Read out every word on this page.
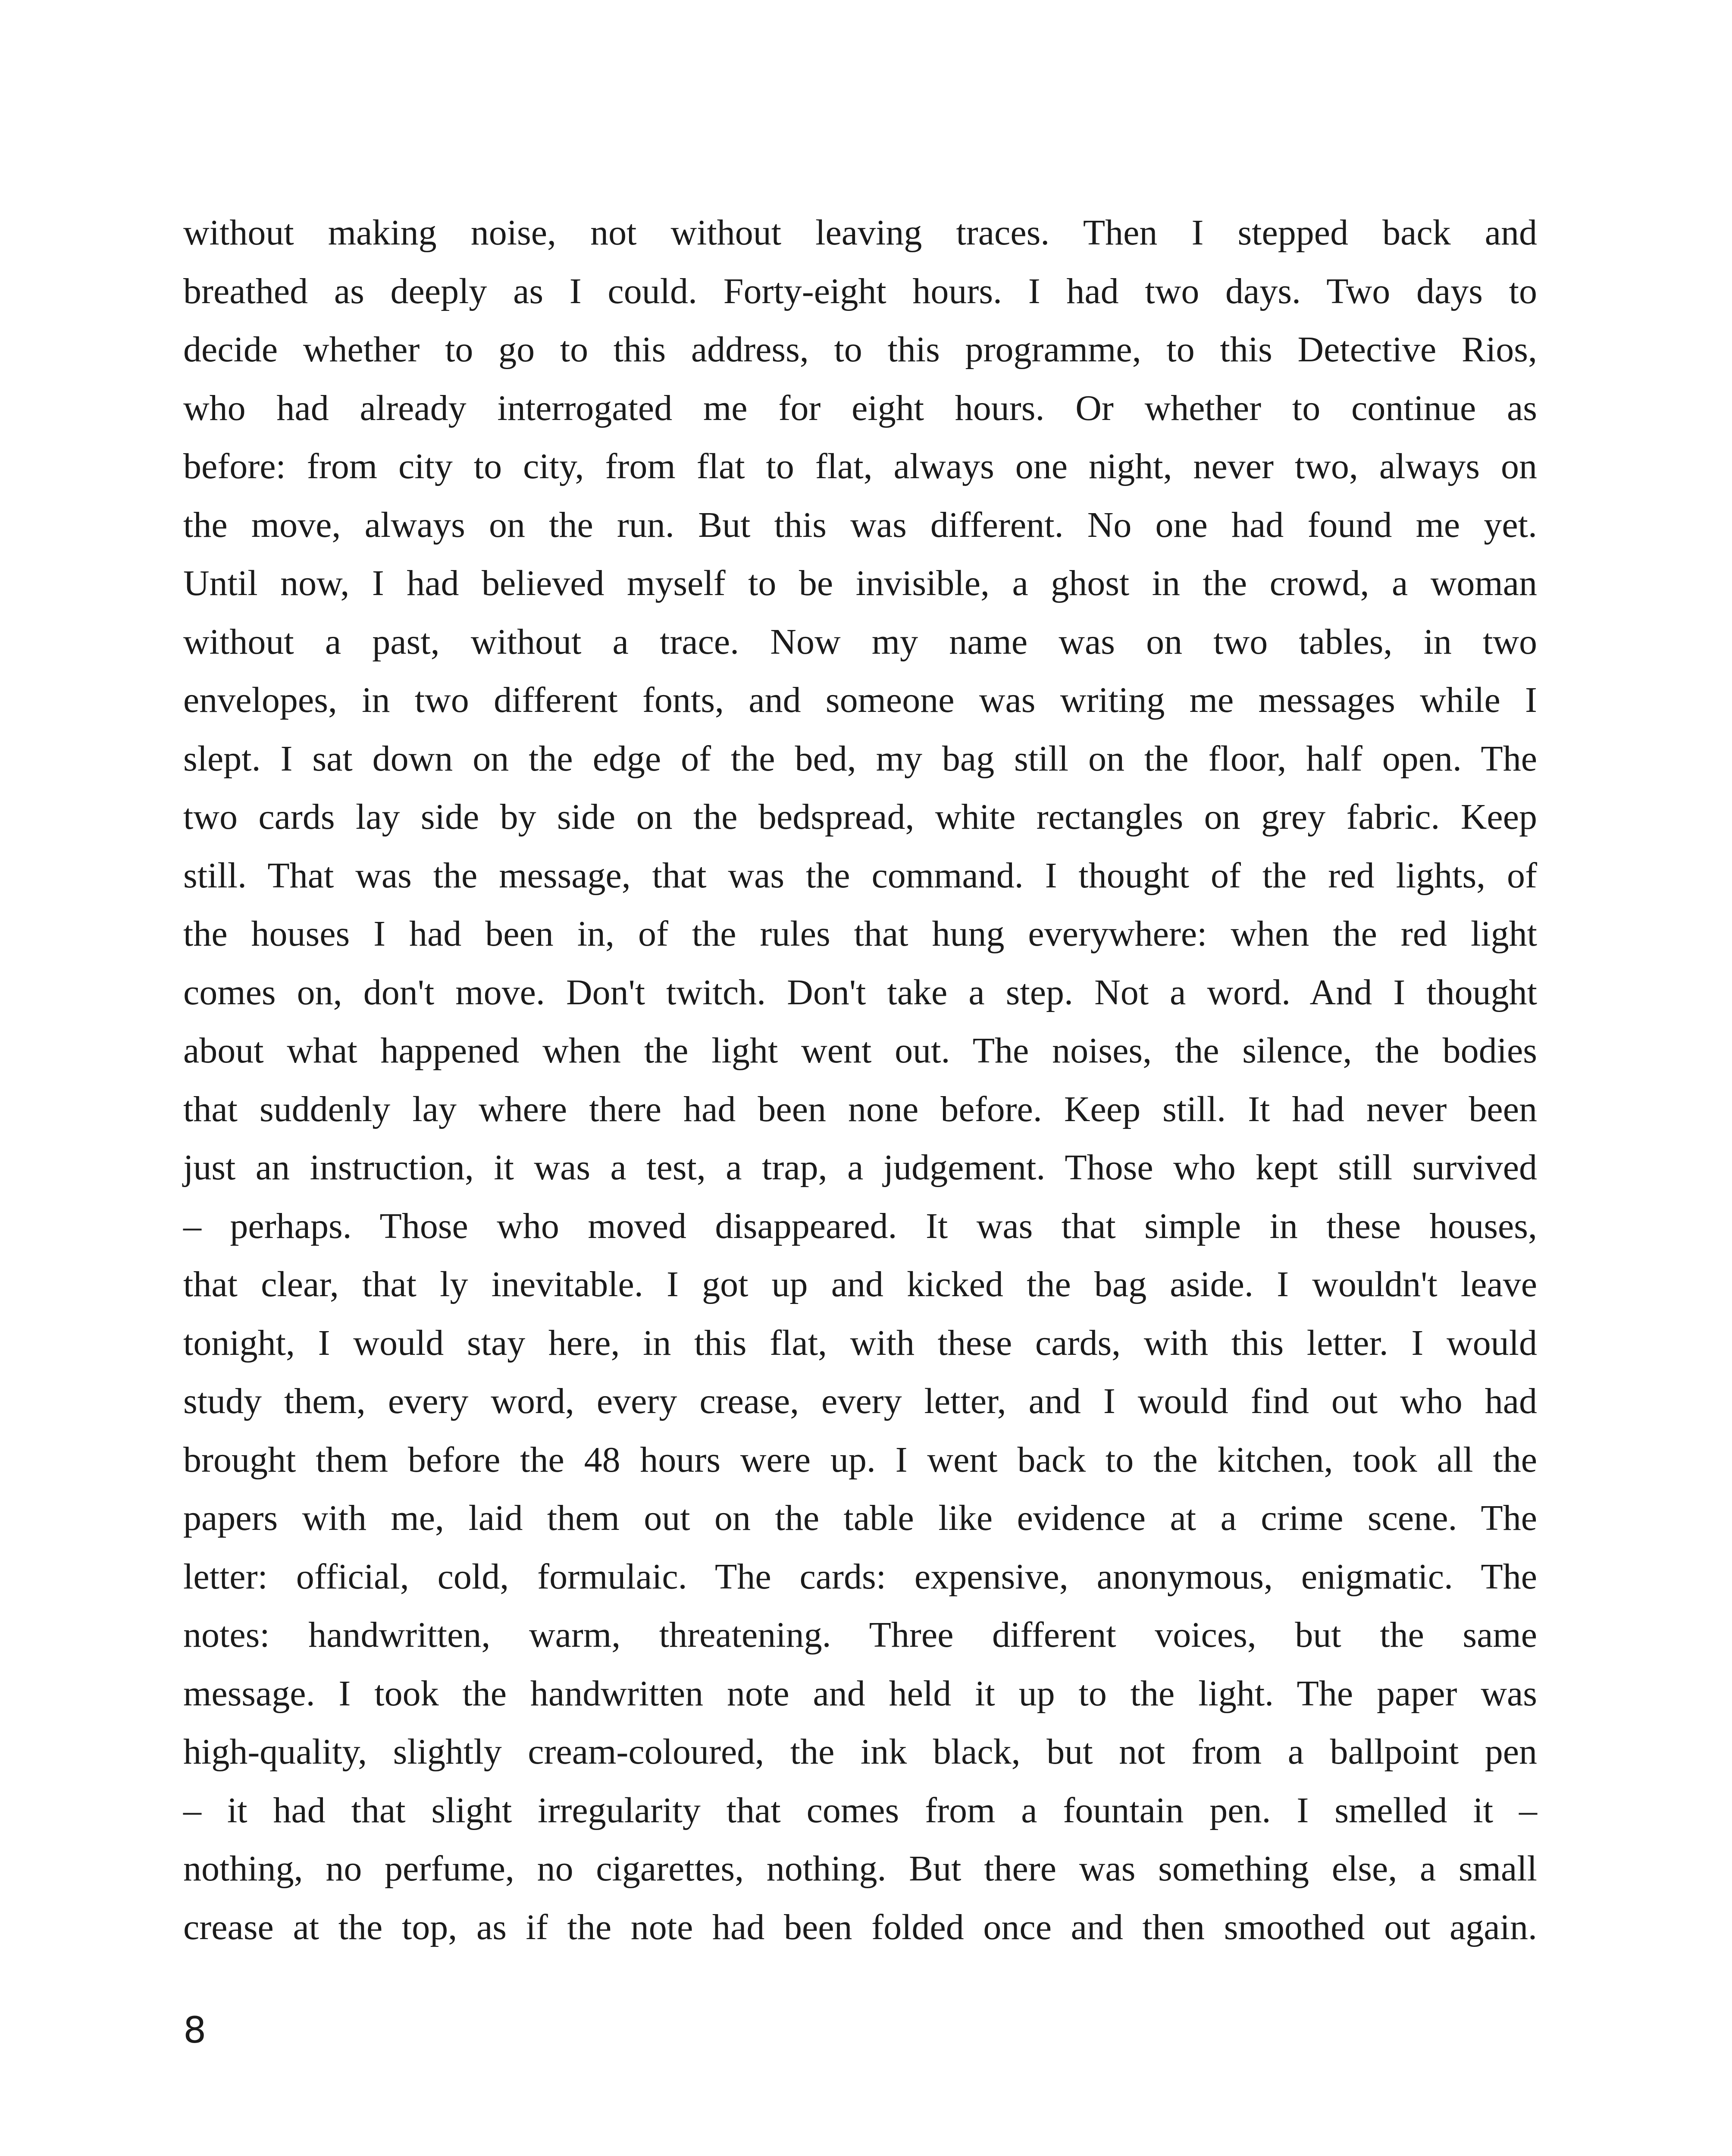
without making noise, not without leaving traces. Then I stepped back and
breathed as deeply as I could. Forty-eight hours. I had two days. Two days to
decide whether to go to this address, to this programme, to this Detective Rios,
who had already interrogated me for eight hours. Or whether to continue as
before: from city to city, from flat to flat, always one night, never two, always on
the move, always on the run. But this was different. No one had found me yet.
Until now, I had believed myself to be invisible, a ghost in the crowd, a woman
without a past, without a trace. Now my name was on two tables, in two
envelopes, in two different fonts, and someone was writing me messages while I
slept. I sat down on the edge of the bed, my bag still on the floor, half open. The
two cards lay side by side on the bedspread, white rectangles on grey fabric. Keep
still. That was the message, that was the command. I thought of the red lights, of
the houses I had been in, of the rules that hung everywhere: when the red light
comes on, don't move. Don't twitch. Don't take a step. Not a word. And I thought
about what happened when the light went out. The noises, the silence, the bodies
that suddenly lay where there had been none before. Keep still. It had never been
just an instruction, it was a test, a trap, a judgement. Those who kept still survived
– perhaps. Those who moved disappeared. It was that simple in these houses,
that clear, that ly inevitable. I got up and kicked the bag aside. I wouldn't leave
tonight, I would stay here, in this flat, with these cards, with this letter. I would
study them, every word, every crease, every letter, and I would find out who had
brought them before the 48 hours were up. I went back to the kitchen, took all the
papers with me, laid them out on the table like evidence at a crime scene. The
letter: official, cold, formulaic. The cards: expensive, anonymous, enigmatic. The
notes: handwritten, warm, threatening. Three different voices, but the same
message. I took the handwritten note and held it up to the light. The paper was
high-quality, slightly cream-coloured, the ink black, but not from a ballpoint pen
– it had that slight irregularity that comes from a fountain pen. I smelled it –
nothing, no perfume, no cigarettes, nothing. But there was something else, a small
crease at the top, as if the note had been folded once and then smoothed out again.
8
